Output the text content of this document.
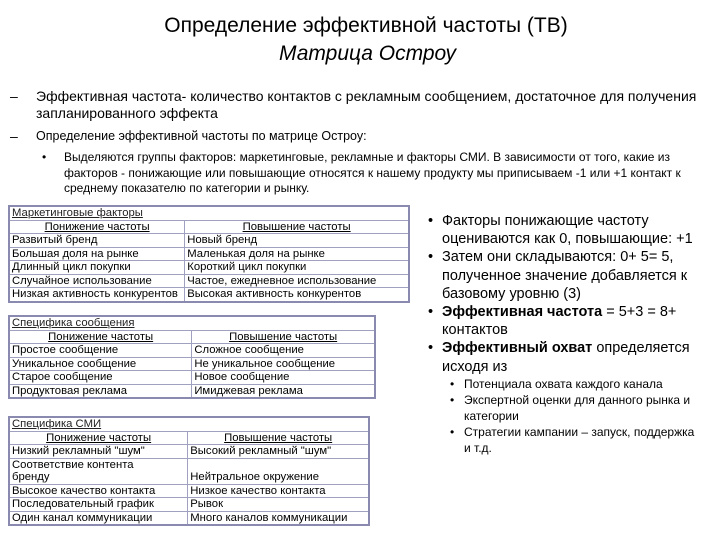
Определение эффективной частоты (ТВ)
Матрица Остроу
– Эффективная частота- количество контактов с рекламным сообщением, достаточное для получения запланированного эффекта
– Определение эффективной частоты по матрице Остроу:
• Выделяются группы факторов: маркетинговые, рекламные и факторы СМИ. В зависимости от того, какие из факторов - понижающие или повышающие относятся к нашему продукту мы приписываем -1 или +1 контакт к среднему показателю по категории и рынку.
Маркетинговые факторы	
Понижение частоты	Повышение частоты
Развитый бренд	Новый бренд
Большая доля на рынке	Маленькая доля на рынке
Длинный цикл покупки	Короткий цикл покупки
Случайное использование	Частое, ежедневное использование
Низкая активность конкурентов	Высокая активность конкурентов
Специфика сообщения	
Понижение частоты	Повышение частоты
Простое сообщение	Сложное сообщение
Уникальное сообщение	Не уникальное сообщение
Старое сообщение	Новое сообщение
Продуктовая реклама	Имиджевая реклама
Специфика СМИ	
Понижение частоты	Повышение частоты
Низкий рекламный "шум"	Высокий рекламный "шум"
Соответствие контента	
бренду	Нейтральное окружение
Высокое качество контакта	Низкое качество контакта
Последовательный график	Рывок
Один канал коммуникации	Много каналов коммуникации
• Факторы понижающие частоту оцениваются как 0, повышающие: +1
• Затем они складываются: 0+ 5= 5, полученное значение добавляется к базовому уровню (3)
• Эффективная частота = 5+3 = 8+ контактов
• Эффективный охват определяется исходя из
• Потенциала охвата каждого канала
• Экспертной оценки для данного рынка и категории
• Стратегии кампании – запуск, поддержка и т.д.
